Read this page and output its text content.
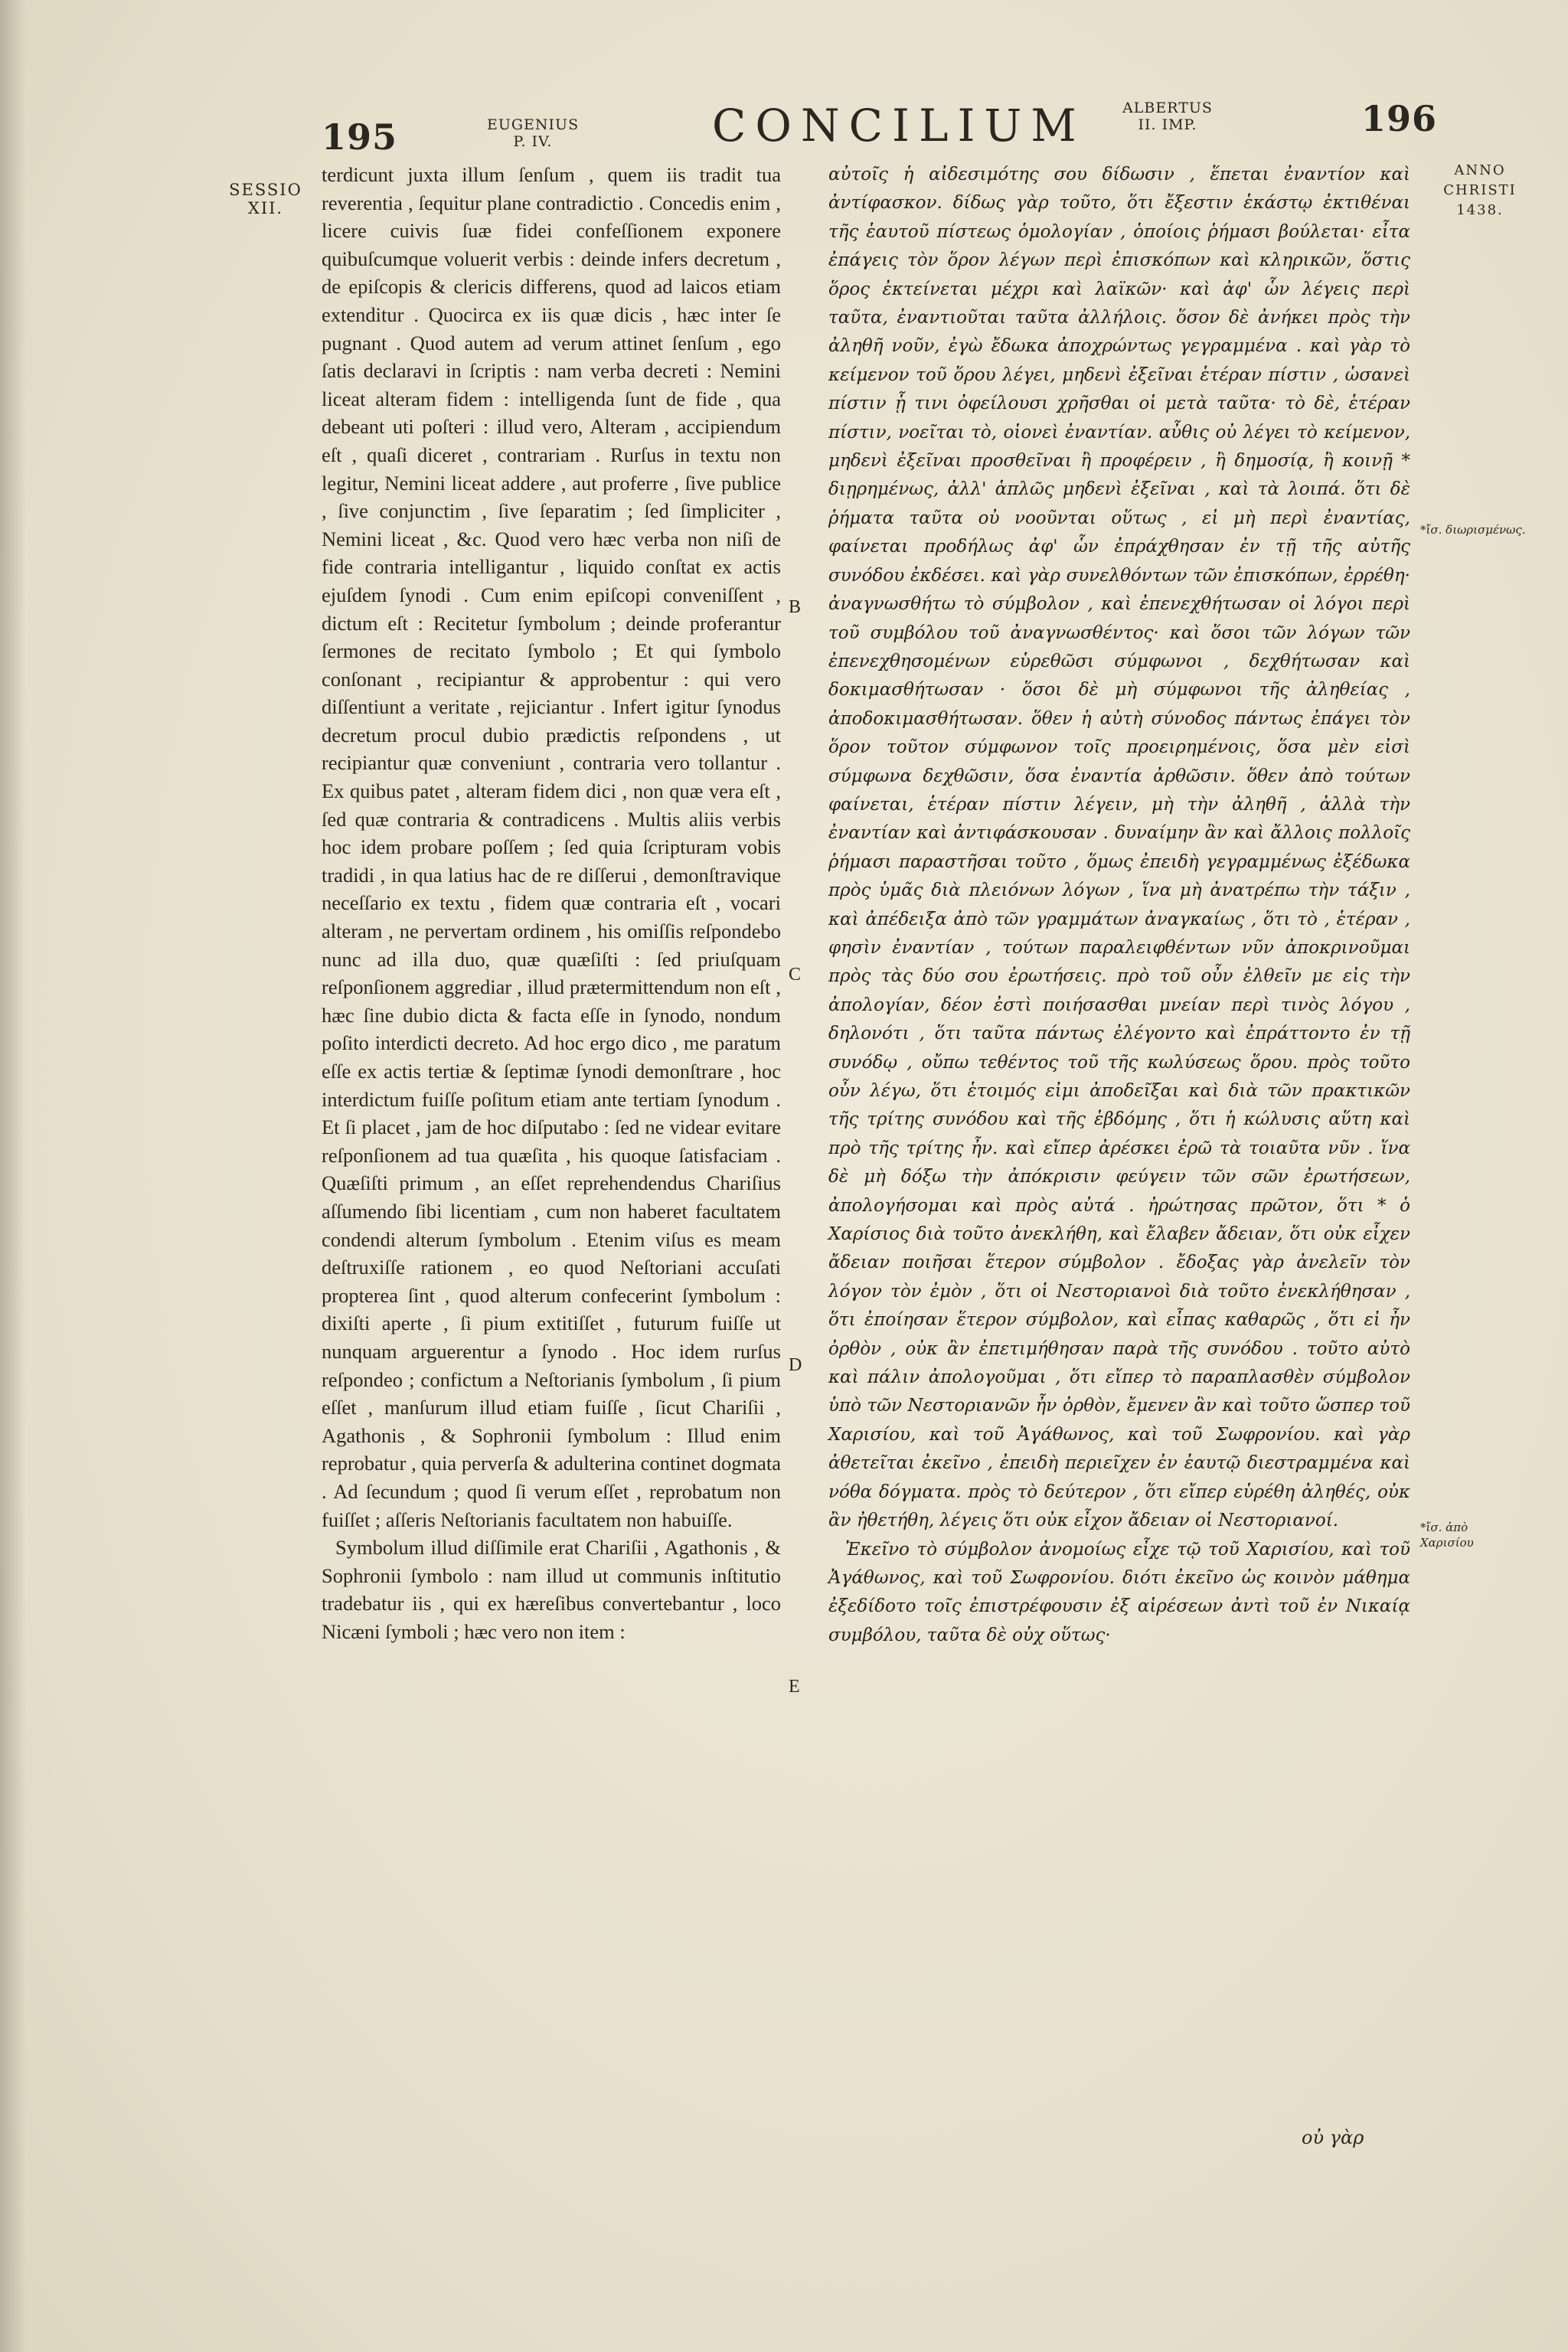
195	EUGENIUS P. IV.	CONCILIUM	ALBERTUS II. IMP.	196
SESSIO XII.
ANNO CHRISTI 1438.
*ἴσ. διωρισμένως.
*ἴσ. ἀπὸ Χαρισίου
B
C
D
E

terdicunt juxta illum ſenſum , quem iis tradit tua reverentia , ſequitur plane contradictio . Concedis enim , licere cuivis ſuæ fidei confeſſionem exponere quibuſcumque voluerit verbis : deinde infers decretum , de epiſcopis & clericis differens, quod ad laicos etiam extenditur . Quocirca ex iis quæ dicis , hæc inter ſe pugnant . Quod autem ad verum attinet ſenſum , ego ſatis declaravi in ſcriptis : nam verba decreti : Nemini liceat alteram fidem : intelligenda ſunt de fide , qua debeant uti poſteri : illud vero, Alteram , accipiendum eſt , quaſi diceret , contrariam . Rurſus in textu non legitur, Nemini liceat addere , aut proferre , ſive publice , ſive conjunctim , ſive ſeparatim ; ſed ſimpliciter , Nemini liceat , &c. Quod vero hæc verba non niſi de fide contraria intelligantur , liquido conſtat ex actis ejuſdem ſynodi . Cum enim epiſcopi conveniſſent , dictum eſt : Recitetur ſymbolum ; deinde proferantur ſermones de recitato ſymbolo ; Et qui ſymbolo conſonant , recipiantur & approbentur : qui vero diſſentiunt a veritate , rejiciantur . Infert igitur ſynodus decretum procul dubio prædictis reſpondens , ut recipiantur quæ conveniunt , contraria vero tollantur . Ex quibus patet , alteram fidem dici , non quæ vera eſt , ſed quæ contraria & contradicens . Multis aliis verbis hoc idem probare poſſem ; ſed quia ſcripturam vobis tradidi , in qua latius hac de re diſſerui , demonſtravique neceſſario ex textu , fidem quæ contraria eſt , vocari alteram , ne pervertam ordinem , his omiſſis reſpondebo nunc ad illa duo, quæ quæſiſti : ſed priuſquam reſponſionem aggrediar , illud prætermittendum non eſt , hæc ſine dubio dicta & facta eſſe in ſynodo, nondum poſito interdicti decreto. Ad hoc ergo dico , me paratum eſſe ex actis tertiæ & ſeptimæ ſynodi demonſtrare , hoc interdictum fuiſſe poſitum etiam ante tertiam ſynodum . Et ſi placet , jam de hoc diſputabo : ſed ne videar evitare reſponſionem ad tua quæſita , his quoque ſatisfaciam . Quæſiſti primum , an eſſet reprehendendus Chariſius aſſumendo ſibi licentiam , cum non haberet facultatem condendi alterum ſymbolum . Etenim viſus es meam deſtruxiſſe rationem , eo quod Neſtoriani accuſati propterea ſint , quod alterum confecerint ſymbolum : dixiſti aperte , ſi pium extitiſſet , futurum fuiſſe ut nunquam arguerentur a ſynodo . Hoc idem rurſus reſpondeo ; confictum a Neſtorianis ſymbolum , ſi pium eſſet , manſurum illud etiam fuiſſe , ſicut Chariſii , Agathonis , & Sophronii ſymbolum : Illud enim reprobatur , quia perverſa & adulterina continet dogmata . Ad ſecundum ; quod ſi verum eſſet , reprobatum non fuiſſet ; aſſeris Neſtorianis facultatem non habuiſſe.

Symbolum illud diſſimile erat Chariſii , Agathonis , & Sophronii ſymbolo : nam illud ut communis inſtitutio tradebatur iis , qui ex hæreſibus convertebantur , loco Nicæni ſymboli ; hæc vero non item :

αὐτοῖς ἡ αἰδεσιμότης σου δίδωσιν , ἕπεται ἐναντίον καὶ ἀντίφασκον. δίδως γὰρ τοῦτο, ὅτι ἔξεστιν ἑκάστῳ ἐκτιθέναι τῆς ἑαυτοῦ πίστεως ὁμολογίαν , ὁποίοις ῥήμασι βούλεται· εἶτα ἐπάγεις τὸν ὅρον λέγων περὶ ἐπισκόπων καὶ κληρικῶν, ὅστις ὅρος ἐκτείνεται μέχρι καὶ λαϊκῶν· καὶ ἀφ' ὧν λέγεις περὶ ταῦτα, ἐναντιοῦται ταῦτα ἀλλήλοις. ὅσον δὲ ἀνήκει πρὸς τὴν ἀληθῆ νοῦν, ἐγὼ ἔδωκα ἀποχρώντως γεγραμμένα . καὶ γὰρ τὸ κείμενον τοῦ ὅρου λέγει, μηδενὶ ἐξεῖναι ἑτέραν πίστιν , ὡσανεὶ πίστιν ᾗ τινι ὀφείλουσι χρῆσθαι οἱ μετὰ ταῦτα· τὸ δὲ, ἑτέραν πίστιν, νοεῖται τὸ, οἱονεὶ ἐναντίαν. αὖθις οὐ λέγει τὸ κείμενον, μηδενὶ ἐξεῖναι προσθεῖναι ἢ προφέρειν , ἢ δημοσίᾳ, ἢ κοινῇ * διῃρημένως, ἀλλ' ἁπλῶς μηδενὶ ἐξεῖναι , καὶ τὰ λοιπά. ὅτι δὲ ῥήματα ταῦτα οὐ νοοῦνται οὕτως , εἰ μὴ περὶ ἐναντίας, φαίνεται προδήλως ἀφ' ὧν ἐπράχθησαν ἐν τῇ τῆς αὐτῆς συνόδου ἐκδέσει. καὶ γὰρ συνελθόντων τῶν ἐπισκόπων, ἐρρέθη· ἀναγνωσθήτω τὸ σύμβολον , καὶ ἐπενεχθήτωσαν οἱ λόγοι περὶ τοῦ συμβόλου τοῦ ἀναγνωσθέντος· καὶ ὅσοι τῶν λόγων τῶν ἐπενεχθησομένων εὑρεθῶσι σύμφωνοι , δεχθήτωσαν καὶ δοκιμασθήτωσαν · ὅσοι δὲ μὴ σύμφωνοι τῆς ἀληθείας , ἀποδοκιμασθήτωσαν. ὅθεν ἡ αὐτὴ σύνοδος πάντως ἐπάγει τὸν ὅρον τοῦτον σύμφωνον τοῖς προειρημένοις, ὅσα μὲν εἰσὶ σύμφωνα δεχθῶσιν, ὅσα ἐναντία ἀρθῶσιν. ὅθεν ἀπὸ τούτων φαίνεται, ἑτέραν πίστιν λέγειν, μὴ τὴν ἀληθῆ , ἀλλὰ τὴν ἐναντίαν καὶ ἀντιφάσκουσαν . δυναίμην ἂν καὶ ἄλλοις πολλοῖς ῥήμασι παραστῆσαι τοῦτο , ὅμως ἐπειδὴ γεγραμμένως ἐξέδωκα πρὸς ὑμᾶς διὰ πλειόνων λόγων , ἵνα μὴ ἀνατρέπω τὴν τάξιν , καὶ ἀπέδειξα ἀπὸ τῶν γραμμάτων ἀναγκαίως , ὅτι τὸ , ἑτέραν , φησὶν ἐναντίαν , τούτων παραλειφθέντων νῦν ἀποκρινοῦμαι πρὸς τὰς δύο σου ἐρωτήσεις. πρὸ τοῦ οὖν ἐλθεῖν με εἰς τὴν ἀπολογίαν, δέον ἐστὶ ποιήσασθαι μνείαν περὶ τινὸς λόγου , δηλονότι , ὅτι ταῦτα πάντως ἐλέγοντο καὶ ἐπράττοντο ἐν τῇ συνόδῳ , οὔπω τεθέντος τοῦ τῆς κωλύσεως ὅρου. πρὸς τοῦτο οὖν λέγω, ὅτι ἑτοιμός εἰμι ἀποδεῖξαι καὶ διὰ τῶν πρακτικῶν τῆς τρίτης συνόδου καὶ τῆς ἑβδόμης , ὅτι ἡ κώλυσις αὕτη καὶ πρὸ τῆς τρίτης ἦν. καὶ εἴπερ ἀρέσκει ἐρῶ τὰ τοιαῦτα νῦν . ἵνα δὲ μὴ δόξω τὴν ἀπόκρισιν φεύγειν τῶν σῶν ἐρωτήσεων, ἀπολογήσομαι καὶ πρὸς αὐτά . ἠρώτησας πρῶτον, ὅτι * ὁ Χαρίσιος διὰ τοῦτο ἀνεκλήθη, καὶ ἔλαβεν ἄδειαν, ὅτι οὐκ εἶχεν ἄδειαν ποιῆσαι ἕτερον σύμβολον . ἔδοξας γὰρ ἀνελεῖν τὸν λόγον τὸν ἐμὸν , ὅτι οἱ Νεστοριανοὶ διὰ τοῦτο ἐνεκλήθησαν , ὅτι ἐποίησαν ἕτερον σύμβολον, καὶ εἶπας καθαρῶς , ὅτι εἰ ἦν ὀρθὸν , οὐκ ἂν ἐπετιμήθησαν παρὰ τῆς συνόδου . τοῦτο αὐτὸ καὶ πάλιν ἀπολογοῦμαι , ὅτι εἴπερ τὸ παραπλασθὲν σύμβολον ὑπὸ τῶν Νεστοριανῶν ἦν ὀρθὸν, ἔμενεν ἂν καὶ τοῦτο ὥσπερ τοῦ Χαρισίου, καὶ τοῦ Ἀγάθωνος, καὶ τοῦ Σωφρονίου. καὶ γὰρ ἀθετεῖται ἐκεῖνο , ἐπειδὴ περιεῖχεν ἐν ἑαυτῷ διεστραμμένα καὶ νόθα δόγματα. πρὸς τὸ δεύτερον , ὅτι εἴπερ εὑρέθη ἀληθές, οὐκ ἂν ἠθετήθη, λέγεις ὅτι οὐκ εἶχον ἄδειαν οἱ Νεστοριανοί.

Ἐκεῖνο τὸ σύμβολον ἀνομοίως εἶχε τῷ τοῦ Χαρισίου, καὶ τοῦ Ἀγάθωνος, καὶ τοῦ Σωφρονίου. διότι ἐκεῖνο ὡς κοινὸν μάθημα ἐξεδίδοτο τοῖς ἐπιστρέφουσιν ἐξ αἱρέσεων ἀντὶ τοῦ ἐν Νικαίᾳ συμβόλου, ταῦτα δὲ οὐχ οὕτως·

οὐ γὰρ
